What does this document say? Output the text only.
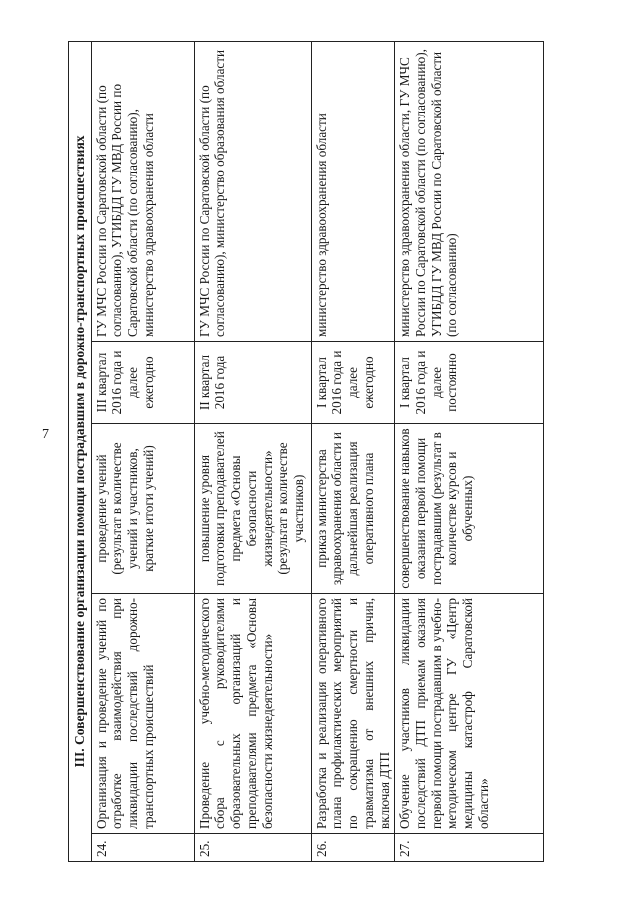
7 III. Совершенствование организации помощи пострадавшим в дорожно-транспортных происшествиях				
24.	Организация и проведение учений по отработке взаимодействия при ликвидации последствий дорожно-транспортных происшествий	проведение учений (результат в количестве учений и участников, краткие итоги учений)	III квартал 2016 года и далее ежегодно	ГУ МЧС России по Саратовской области (по согласованию), УГИБДД ГУ МВД России по Саратовской области (по согласованию), министерство здравоохранения области
25.	Проведение учебно-методического сбора с руководителями образовательных организаций и преподавателями предмета «Основы безопасности жизнедеятельности»	повышение уровня подготовки преподавателей предмета «Основы безопасности жизнедеятельности» (результат в количестве участников)	II квартал 2016 года	ГУ МЧС России по Саратовской области (по согласованию), министерство образования области
26.	Разработка и реализация оперативного плана профилактических мероприятий по сокращению смертности и травматизма от внешних причин, включая ДТП	приказ министерства здравоохранения области и дальнейшая реализация оперативного плана	I квартал 2016 года и далее ежегодно	министерство здравоохранения области
27.	Обучение участников ликвидации последствий ДТП приемам оказания первой помощи пострадавшим в учебно-методическом центре ГУ «Центр медицины катастроф Саратовской области»	совершенствование навыков оказания первой помощи пострадавшим (результат в количестве курсов и обученных)	I квартал 2016 года и далее постоянно	министерство здравоохранения области, ГУ МЧС России по Саратовской области (по согласованию), УГИБДД ГУ МВД России по Саратовской области (по согласованию)
